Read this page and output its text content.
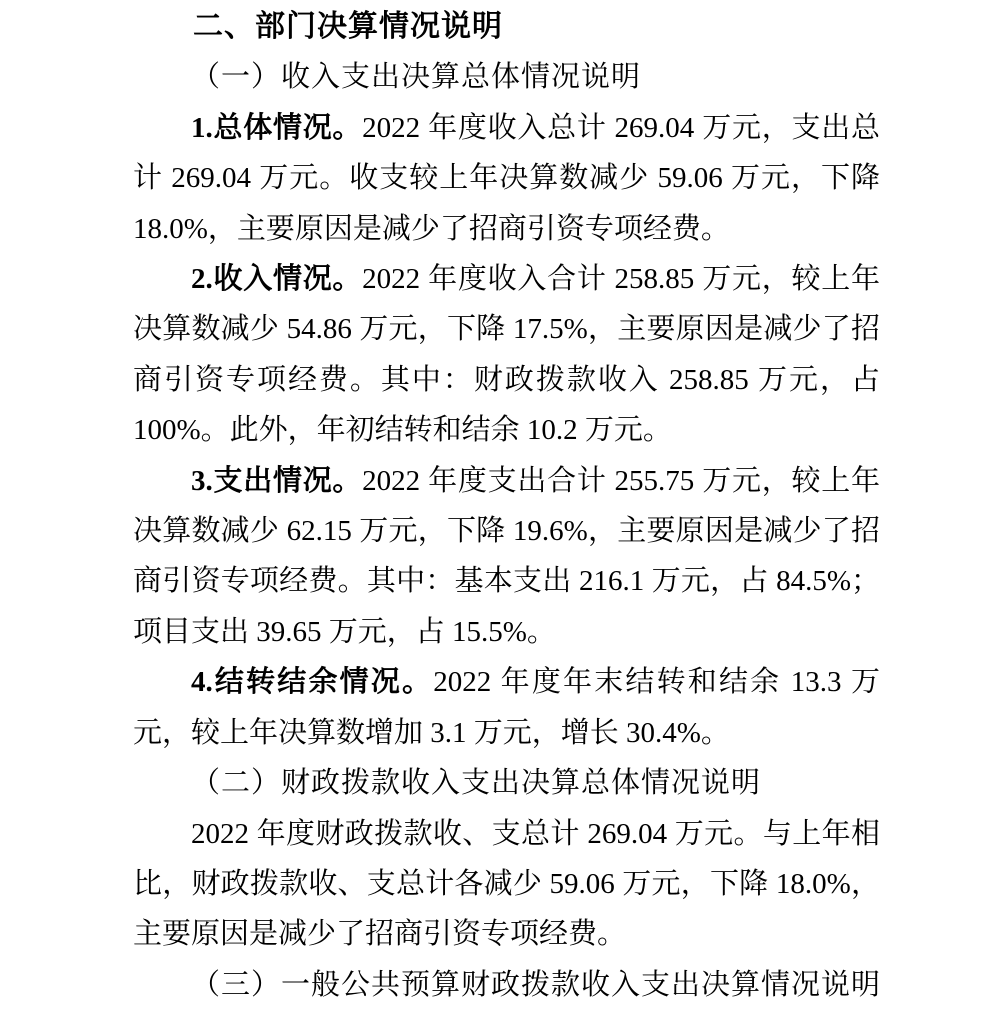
二、部门决算情况说明
（一）收入支出决算总体情况说明

1.总体情况。2022 年度收入总计 269.04 万元，支出总计 269.04 万元。收支较上年决算数减少 59.06 万元，下降 18.0%，主要原因是减少了招商引资专项经费。

2.收入情况。2022 年度收入合计 258.85 万元，较上年决算数减少 54.86 万元，下降 17.5%，主要原因是减少了招商引资专项经费。其中：财政拨款收入 258.85 万元，占 100%。此外，年初结转和结余 10.2 万元。

3.支出情况。2022 年度支出合计 255.75 万元，较上年决算数减少 62.15 万元，下降 19.6%，主要原因是减少了招商引资专项经费。其中：基本支出 216.1 万元，占 84.5%；项目支出 39.65 万元，占 15.5%。

4.结转结余情况。2022 年度年末结转和结余 13.3 万元，较上年决算数增加 3.1 万元，增长 30.4%。

（二）财政拨款收入支出决算总体情况说明

2022 年度财政拨款收、支总计 269.04 万元。与上年相比，财政拨款收、支总计各减少 59.06 万元，下降 18.0%，主要原因是减少了招商引资专项经费。

（三）一般公共预算财政拨款收入支出决算情况说明
